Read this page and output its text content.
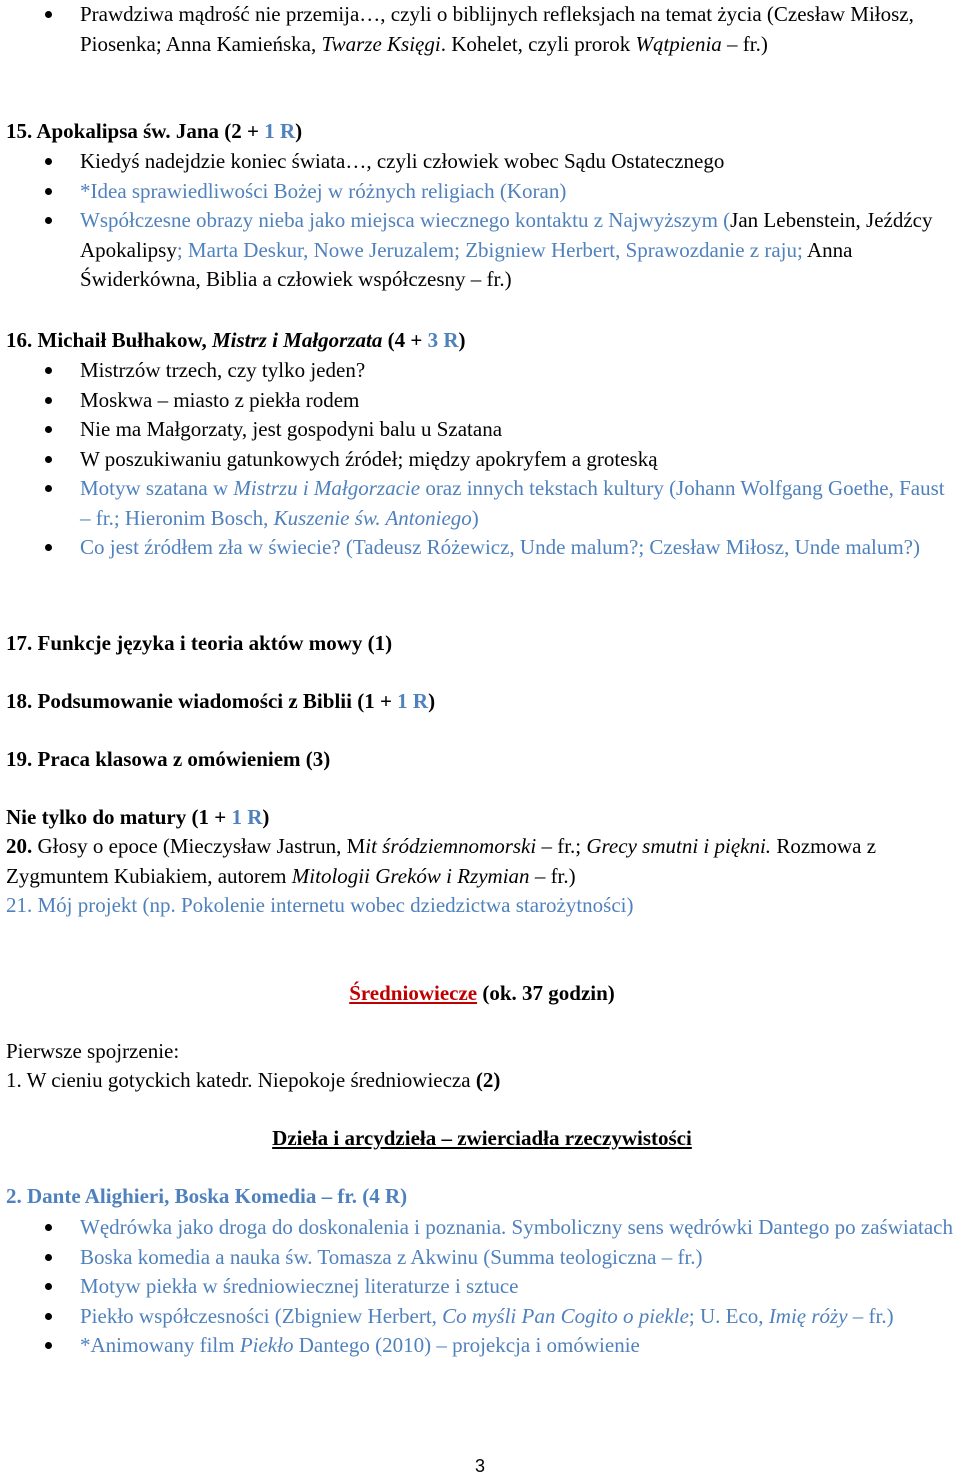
Prawdziwa mądrość nie przemija…, czyli o biblijnych refleksjach na temat życia (Czesław Miłosz, Piosenka; Anna Kamieńska, Twarze Księgi. Kohelet, czyli prorok Wątpienia – fr.)
15. Apokalipsa św. Jana (2 + 1 R)
Kiedyś nadejdzie koniec świata…, czyli człowiek wobec Sądu Ostatecznego
*Idea sprawiedliwości Bożej w różnych religiach (Koran)
Współczesne obrazy nieba jako miejsca wiecznego kontaktu z Najwyższym (Jan Lebenstein, Jeźdźcy Apokalipsy; Marta Deskur, Nowe Jeruzalem; Zbigniew Herbert, Sprawozdanie z raju; Anna Świderkówna, Biblia a człowiek współczesny – fr.)
16. Michaił Bułhakow, Mistrz i Małgorzata (4 + 3 R)
Mistrzów trzech, czy tylko jeden?
Moskwa – miasto z piekła rodem
Nie ma Małgorzaty, jest gospodyni balu u Szatana
W poszukiwaniu gatunkowych źródeł; między apokryfem a groteską
Motyw szatana w Mistrzu i Małgorzacie oraz innych tekstach kultury (Johann Wolfgang Goethe, Faust – fr.; Hieronim Bosch, Kuszenie św. Antoniego)
Co jest źródłem zła w świecie? (Tadeusz Różewicz, Unde malum?; Czesław Miłosz, Unde malum?)
17. Funkcje języka i teoria aktów mowy (1)
18. Podsumowanie wiadomości z Biblii (1 + 1 R)
19. Praca klasowa z omówieniem (3)
Nie tylko do matury (1 + 1 R)
20. Głosy o epoce (Mieczysław Jastrun, Mit śródziemnomorski – fr.; Grecy smutni i piękni. Rozmowa z Zygmuntem Kubiakiem, autorem Mitologii Greków i Rzymian – fr.)
21. Mój projekt (np. Pokolenie internetu wobec dziedzictwa starożytności)
Średniowiecze (ok. 37 godzin)
Pierwsze spojrzenie:
1. W cieniu gotyckich katedr. Niepokoje średniowiecza (2)
Dzieła i arcydzieła – zwierciadła rzeczywistości
2. Dante Alighieri, Boska Komedia – fr. (4 R)
Wędrówka jako droga do doskonalenia i poznania. Symboliczny sens wędrówki Dantego po zaświatach
Boska komedia a nauka św. Tomasza z Akwinu (Summa teologiczna – fr.)
Motyw piekła w średniowiecznej literaturze i sztuce
Piekło współczesności (Zbigniew Herbert, Co myśli Pan Cogito o piekle; U. Eco, Imię róży – fr.)
*Animowany film Piekło Dantego (2010) – projekcja i omówienie
3
